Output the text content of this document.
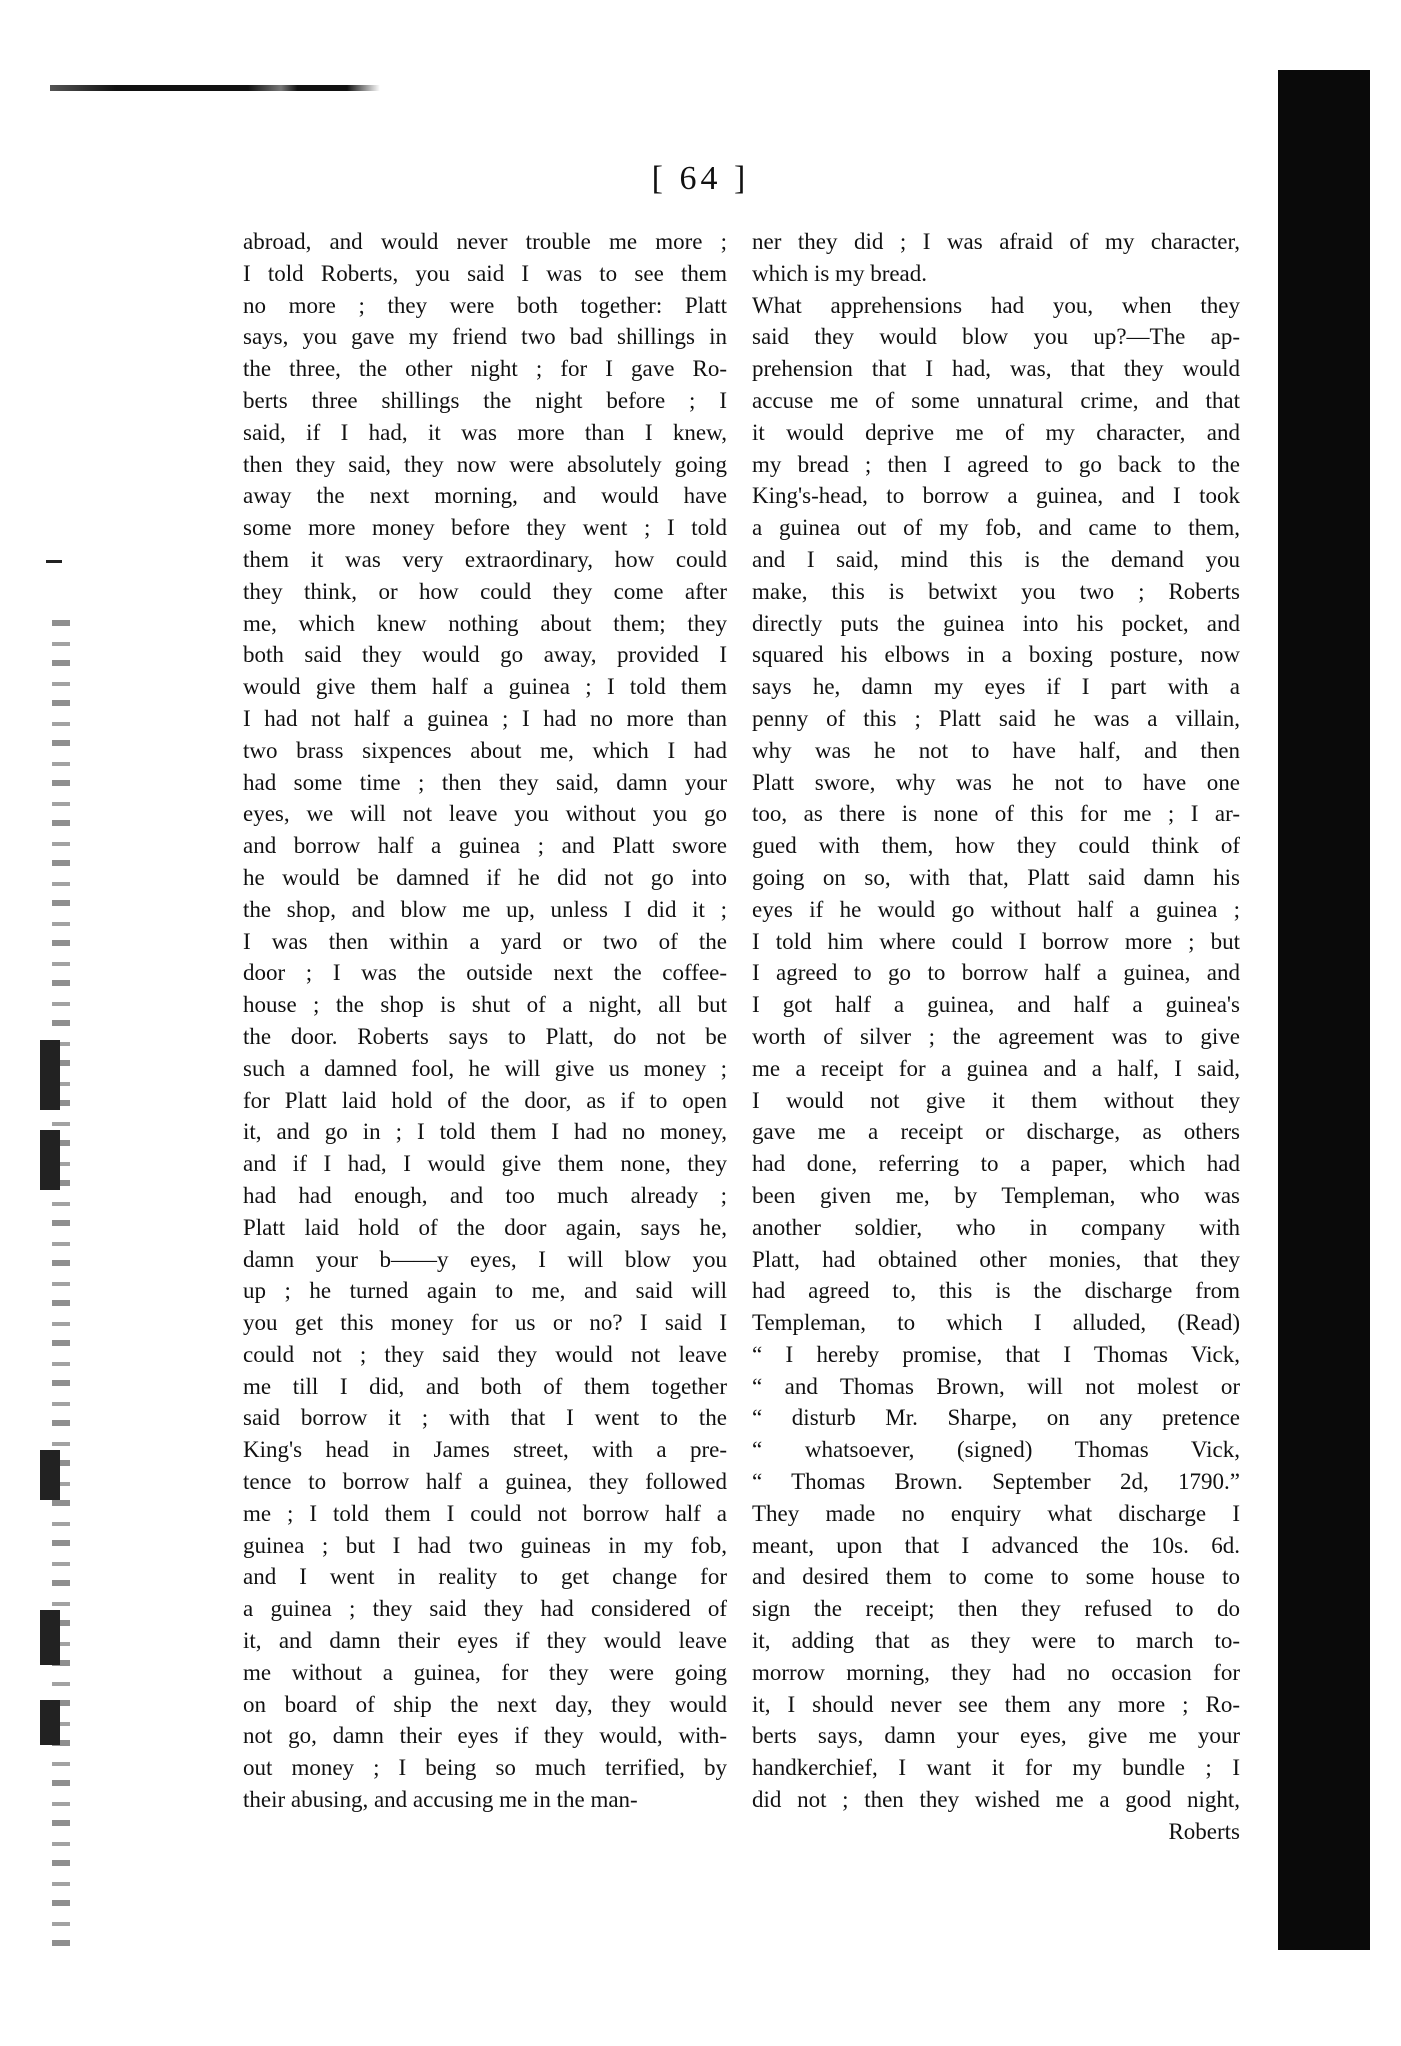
[ 64 ]
abroad, and would never trouble me more ;
I told Roberts, you said I was to see them
no more ; they were both together: Platt
says, you gave my friend two bad shillings in
the three, the other night ; for I gave Ro-
berts three shillings the night before ; I
said, if I had, it was more than I knew,
then they said, they now were absolutely going
away the next morning, and would have
some more money before they went ; I told
them it was very extraordinary, how could
they think, or how could they come after
me, which knew nothing about them; they
both said they would go away, provided I
would give them half a guinea ; I told them
I had not half a guinea ; I had no more than
two brass sixpences about me, which I had
had some time ; then they said, damn your
eyes, we will not leave you without you go
and borrow half a guinea ; and Platt swore
he would be damned if he did not go into
the shop, and blow me up, unless I did it ;
I was then within a yard or two of the
door ; I was the outside next the coffee-
house ; the shop is shut of a night, all but
the door. Roberts says to Platt, do not be
such a damned fool, he will give us money ;
for Platt laid hold of the door, as if to open
it, and go in ; I told them I had no money,
and if I had, I would give them none, they
had had enough, and too much already ;
Platt laid hold of the door again, says he,
damn your b——y eyes, I will blow you
up ; he turned again to me, and said will
you get this money for us or no? I said I
could not ; they said they would not leave
me till I did, and both of them together
said borrow it ; with that I went to the
King's head in James street, with a pre-
tence to borrow half a guinea, they followed
me ; I told them I could not borrow half a
guinea ; but I had two guineas in my fob,
and I went in reality to get change for
a guinea ; they said they had considered of
it, and damn their eyes if they would leave
me without a guinea, for they were going
on board of ship the next day, they would
not go, damn their eyes if they would, with-
out money ; I being so much terrified, by
their abusing, and accusing me in the man-
ner they did ; I was afraid of my character,
which is my bread.
What apprehensions had you, when they
said they would blow you up?—The ap-
prehension that I had, was, that they would
accuse me of some unnatural crime, and that
it would deprive me of my character, and
my bread ; then I agreed to go back to the
King's-head, to borrow a guinea, and I took
a guinea out of my fob, and came to them,
and I said, mind this is the demand you
make, this is betwixt you two ; Roberts
directly puts the guinea into his pocket, and
squared his elbows in a boxing posture, now
says he, damn my eyes if I part with a
penny of this ; Platt said he was a villain,
why was he not to have half, and then
Platt swore, why was he not to have one
too, as there is none of this for me ; I ar-
gued with them, how they could think of
going on so, with that, Platt said damn his
eyes if he would go without half a guinea ;
I told him where could I borrow more ; but
I agreed to go to borrow half a guinea, and
I got half a guinea, and half a guinea's
worth of silver ; the agreement was to give
me a receipt for a guinea and a half, I said,
I would not give it them without they
gave me a receipt or discharge, as others
had done, referring to a paper, which had
been given me, by Templeman, who was
another soldier, who in company with
Platt, had obtained other monies, that they
had agreed to, this is the discharge from
Templeman, to which I alluded, (Read)
“ I hereby promise, that I Thomas Vick,
“ and Thomas Brown, will not molest or
“ disturb Mr. Sharpe, on any pretence
“ whatsoever, (signed) Thomas Vick,
“ Thomas Brown. September 2d, 1790.”
They made no enquiry what discharge I
meant, upon that I advanced the 10s. 6d.
and desired them to come to some house to
sign the receipt; then they refused to do
it, adding that as they were to march to-
morrow morning, they had no occasion for
it, I should never see them any more ; Ro-
berts says, damn your eyes, give me your
handkerchief, I want it for my bundle ; I
did not ; then they wished me a good night,
Roberts
